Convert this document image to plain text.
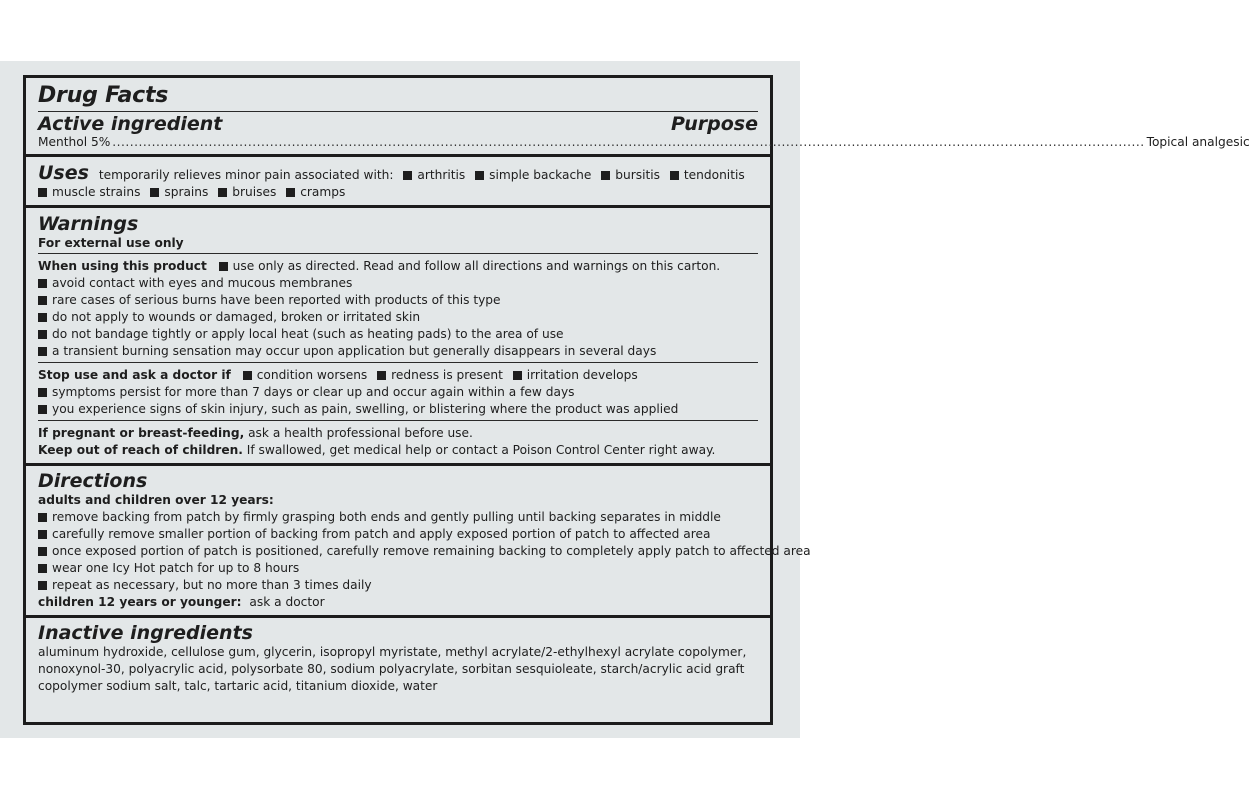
Drug Facts
Active ingredient	Purpose
Menthol 5% ............................................................................................................................................................................................................................................ Topical analgesic
Uses temporarily relieves minor pain associated with: arthritis simple backache bursitis tendonitis
muscle strains sprains bruises cramps
Warnings
For external use only
When using this product use only as directed. Read and follow all directions and warnings on this carton.
avoid contact with eyes and mucous membranes
rare cases of serious burns have been reported with products of this type
do not apply to wounds or damaged, broken or irritated skin
do not bandage tightly or apply local heat (such as heating pads) to the area of use
a transient burning sensation may occur upon application but generally disappears in several days
Stop use and ask a doctor if condition worsens redness is present irritation develops
symptoms persist for more than 7 days or clear up and occur again within a few days
you experience signs of skin injury, such as pain, swelling, or blistering where the product was applied
If pregnant or breast-feeding, ask a health professional before use.
Keep out of reach of children. If swallowed, get medical help or contact a Poison Control Center right away.
Directions
adults and children over 12 years:
remove backing from patch by firmly grasping both ends and gently pulling until backing separates in middle
carefully remove smaller portion of backing from patch and apply exposed portion of patch to affected area
once exposed portion of patch is positioned, carefully remove remaining backing to completely apply patch to affected area
wear one Icy Hot patch for up to 8 hours
repeat as necessary, but no more than 3 times daily
children 12 years or younger: ask a doctor
Inactive ingredients
aluminum hydroxide, cellulose gum, glycerin, isopropyl myristate, methyl acrylate/2-ethylhexyl acrylate copolymer,
nonoxynol-30, polyacrylic acid, polysorbate 80, sodium polyacrylate, sorbitan sesquioleate, starch/acrylic acid graft
copolymer sodium salt, talc, tartaric acid, titanium dioxide, water
